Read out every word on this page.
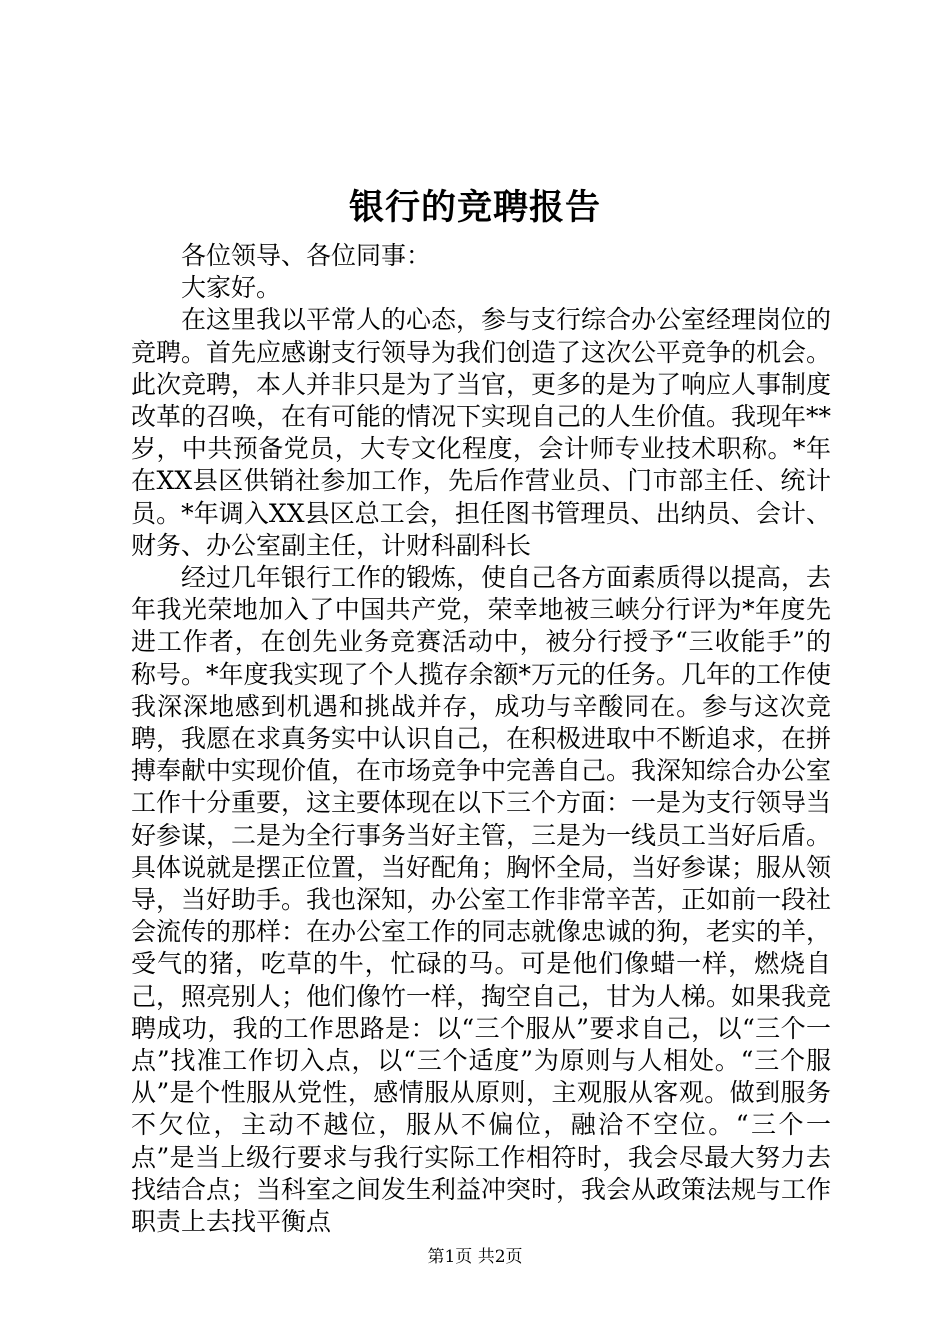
银行的竞聘报告

各位领导、各位同事：

大家好。

在这里我以平常人的心态，参与支行综合办公室经理岗位的竞聘。首先应感谢支行领导为我们创造了这次公平竞争的机会。此次竞聘，本人并非只是为了当官，更多的是为了响应人事制度改革的召唤，在有可能的情况下实现自己的人生价值。我现年**岁，中共预备党员，大专文化程度，会计师专业技术职称。*年在XX县区供销社参加工作，先后作营业员、门市部主任、统计员。*年调入XX县区总工会，担任图书管理员、出纳员、会计、财务、办公室副主任，计财科副科长

经过几年银行工作的锻炼，使自己各方面素质得以提高，去年我光荣地加入了中国共产党，荣幸地被三峡分行评为*年度先进工作者，在创先业务竞赛活动中，被分行授予“三收能手”的称号。*年度我实现了个人揽存余额*万元的任务。几年的工作使我深深地感到机遇和挑战并存，成功与辛酸同在。参与这次竞聘，我愿在求真务实中认识自己，在积极进取中不断追求，在拼搏奉献中实现价值，在市场竞争中完善自己。我深知综合办公室工作十分重要，这主要体现在以下三个方面：一是为支行领导当好参谋，二是为全行事务当好主管，三是为一线员工当好后盾。具体说就是摆正位置，当好配角；胸怀全局，当好参谋；服从领导，当好助手。我也深知，办公室工作非常辛苦，正如前一段社会流传的那样：在办公室工作的同志就像忠诚的狗，老实的羊，受气的猪，吃草的牛，忙碌的马。可是他们像蜡一样，燃烧自己，照亮别人；他们像竹一样，掏空自己，甘为人梯。如果我竞聘成功，我的工作思路是：以“三个服从”要求自己，以“三个一点”找准工作切入点，以“三个适度”为原则与人相处。“三个服从”是个性服从党性，感情服从原则，主观服从客观。做到服务不欠位，主动不越位，服从不偏位，融洽不空位。“三个一点”是当上级行要求与我行实际工作相符时，我会尽最大努力去找结合点；当科室之间发生利益冲突时，我会从政策法规与工作职责上去找平衡点

第1页 共2页
